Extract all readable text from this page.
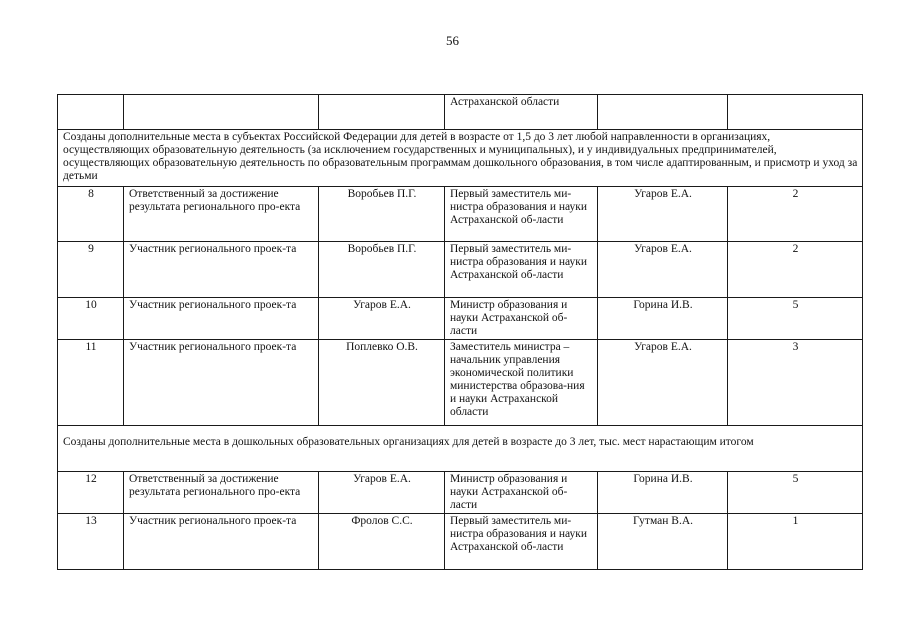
56
			Астраханской области		
Созданы дополнительные места в субъектах Российской Федерации для детей в возрасте от 1,5 до 3 лет любой направленности в организациях, осуществляющих образовательную деятельность (за исключением государственных и муниципальных), и у индивидуальных предпринимателей, осуществляющих образовательную деятельность по образовательным программам дошкольного образования, в том числе адаптированным, и присмотр и уход за детьми					
8	Ответственный за достижение результата регионального про-екта	Воробьев П.Г.	Первый заместитель ми-нистра образования и науки Астраханской об-ласти	Угаров Е.А.	2
9	Участник регионального проек-та	Воробьев П.Г.	Первый заместитель ми-нистра образования и науки Астраханской об-ласти	Угаров Е.А.	2
10	Участник регионального проек-та	Угаров Е.А.	Министр образования и науки Астраханской об-ласти	Горина И.В.	5
11	Участник регионального проек-та	Поплевко О.В.	Заместитель министра – начальник управления экономической политики министерства образова-ния и науки Астраханской области	Угаров Е.А.	3
Созданы дополнительные места в дошкольных образовательных организациях для детей в возрасте до 3 лет, тыс. мест нарастающим итогом					
12	Ответственный за достижение результата регионального про-екта	Угаров Е.А.	Министр образования и науки Астраханской об-ласти	Горина И.В.	5
13	Участник регионального проек-та	Фролов С.С.	Первый заместитель ми-нистра образования и науки Астраханской об-ласти	Гутман В.А.	1
